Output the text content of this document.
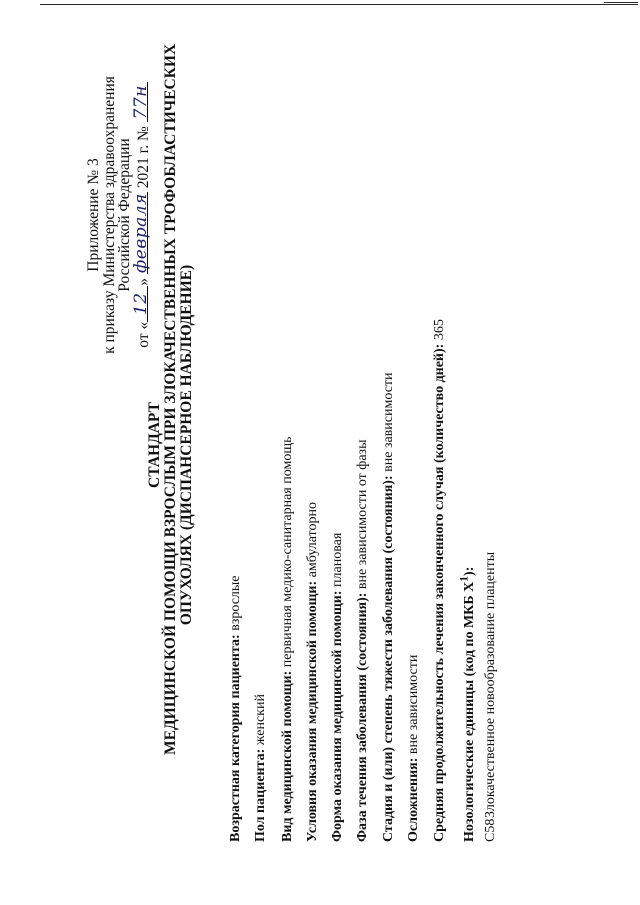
Приложение № 3
к приказу Министерства здравоохранения
Российской Федерации
от «
12
»
февраля
2021 г. №
77н
СТАНДАРТ МЕДИЦИНСКОЙ ПОМОЩИ ВЗРОСЛЫМ ПРИ ЗЛОКАЧЕСТВЕННЫХ ТРОФОБЛАСТИЧЕСКИХ ОПУХОЛЯХ (ДИСПАНСЕРНОЕ НАБЛЮДЕНИЕ)
Возрастная категория пациента: взрослые
Пол пациента: женский Вид медицинской помощи: первичная медико-санитарная помощь
Условия оказания медицинской помощи: амбулаторно
Форма оказания медицинской помощи: плановая
Фаза течения заболевания (состояния): вне зависимости от фазы Стадия и (или) степень тяжести заболевания (состояния): вне зависимости
Осложнения: вне зависимости Средняя продолжительность лечения законченного случая (количество дней): 365
Нозологические единицы (код по МКБ $X^1$):
C58Злокачественное новообразование плаценты
